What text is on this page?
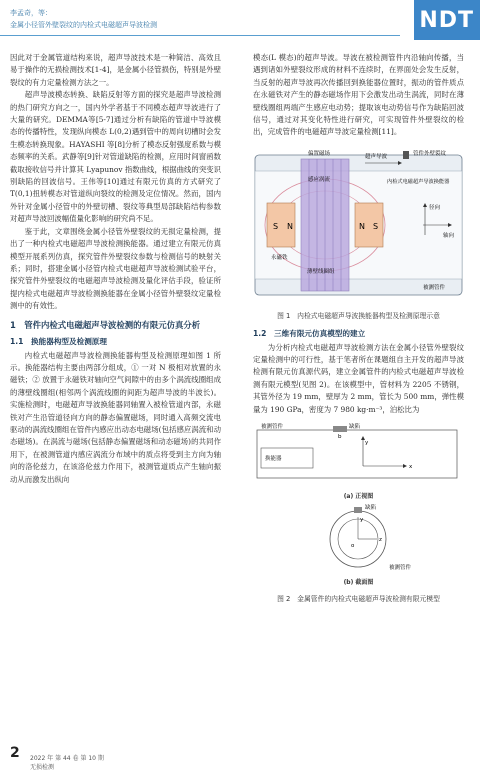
李孟奇，等：
金属小径管外壁裂纹的内检式电磁超声导波检测	NDT

因此对于金属管道结构来说，超声导波技术是一种简洁、高效且易于操作的无损检测技术[1-4]，是金属小径管损伤，特别是外壁裂纹的有力定量检测方法之一。

超声导波模态转换、缺陷反射等方面的探究是超声导波检测的热门研究方向之一，国内外学者基于不同模态超声导波进行了大量的研究。DEMMA等[5-7]通过分析有缺陷的管道中导波模态的传播特性，发现纵向模态 L(0,2)遇到管中的周向切槽时会发生模态转换现象。HAYASHI 等[8]分析了模态反射强度系数与模态频率的关系。武静等[9]针对管道缺陷的检测，应用时间窗函数截取接收信号并计算其 Lyapunov 指数曲线，根据曲线的突变识别缺陷的回波信号。王伟等[10]通过有限元仿真的方式研究了 T(0,1)扭转模态对管道纵向裂纹的检测及定位情况。然而，国内外针对金属小径管中的外壁切槽、裂纹等典型局部缺陷结构参数对超声导波回波幅值量化影响的研究尚不足。

鉴于此，文章围绕金属小径管外壁裂纹的无损定量检测，提出了一种内检式电磁超声导波检测换能器。通过建立有限元仿真模型开展系列仿真，探究管件外壁裂纹参数与检测信号的映射关系；同时，搭建金属小径管内检式电磁超声导波检测试验平台，探究管件外壁裂纹的电磁超声导波检测及量化评估手段，验证所提内检式电磁超声导波检测换能器在金属小径管外壁裂纹定量检测中的有效性。

1　管件内检式电磁超声导波检测的有限元仿真分析
1.1　换能器构型及检测原理

内检式电磁超声导波检测换能器构型及检测原理如图 1 所示。换能器结构主要由两部分组成，① 一对 N 极相对放置的永磁铁；② 放置于永磁铁对轴向空气间隙中的由多个涡流线圈组成的薄壁线圈组(相邻两个涡流线圈的间距为超声导波的半波长)。实施检测时，电磁超声导波换能器同轴置入被检管道内部，永磁铁对产生沿管道径向方向的静态偏置磁场，同时通入高频交流电驱动的涡流线圈组在管件内感应出动态电磁场(包括感应涡流和动态磁场)。在涡流与磁场(包括静态偏置磁场和动态磁场)的共同作用下，在被测管道内感应涡流分布域中的质点将受到主方向为轴向的洛伦兹力，在该洛伦兹力作用下，被测管道质点产生轴向振动从而激发出纵向

模态(L 模态)的超声导波。导波在被检测管件内沿轴向传播，当遇到诸如外壁裂纹形成的材料不连续时，在界面处会发生反射，当反射的超声导波再次传播回到换能器位置时，振动的管件质点在永磁铁对产生的静态磁场作用下会激发出动生涡流，同时在薄壁线圈组两端产生感应电动势；提取该电动势信号作为缺陷回波信号，通过对其变化特性进行研究，可实现管件外壁裂纹的检出，完成管件的电磁超声导波定量检测[11]。

偏置磁场	超声导波	管件外壁裂纹
感应涡流	内检式电磁超声导波换能器
径向
轴向
永磁铁
薄壁线圈组
被测管件
S N	N S
图 1　内检式电磁超声导波换能器构型及检测原理示意
1.2　三维有限元仿真模型的建立

为分析内检式电磁超声导波检测方法在金属小径管外壁裂纹定量检测中的可行性，基于笔者所在课题组自主开发的超声导波检测有限元仿真源代码，建立金属管件的内检式电磁超声导波检测有限元模型(见图 2)。在该模型中，管材料为 2205 不锈钢，其管外径为 19 mm，壁厚为 2 mm，管长为 500 mm，弹性模量为 190 GPa，密度为 7 980 kg·m⁻³，泊松比为

被测管件	缺陷
换能器
y
x
b
(a) 正视图
缺陷
y
z
o
被测管件
(b) 截面图
图 2　金属管件的内检式电磁超声导波检测有限元模型
2 2022 年 第 44 卷 第 10 期
无损检测
